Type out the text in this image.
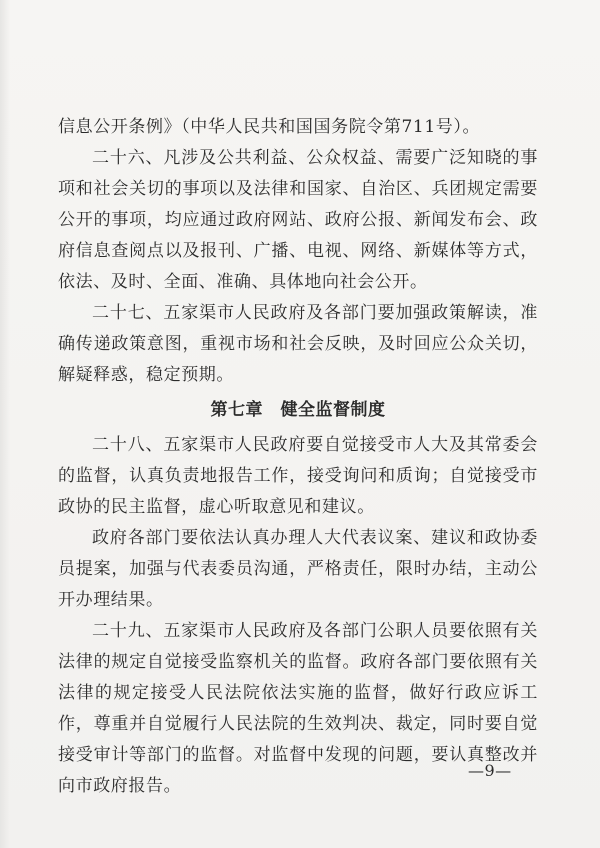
信息公开条例》（中华人民共和国国务院令第711号）。

二十六、凡涉及公共利益、公众权益、需要广泛知晓的事项和社会关切的事项以及法律和国家、自治区、兵团规定需要公开的事项，均应通过政府网站、政府公报、新闻发布会、政府信息查阅点以及报刊、广播、电视、网络、新媒体等方式，依法、及时、全面、准确、具体地向社会公开。

二十七、五家渠市人民政府及各部门要加强政策解读，准确传递政策意图，重视市场和社会反映，及时回应公众关切，解疑释惑，稳定预期。

第七章　健全监督制度

二十八、五家渠市人民政府要自觉接受市人大及其常委会的监督，认真负责地报告工作，接受询问和质询；自觉接受市政协的民主监督，虚心听取意见和建议。

政府各部门要依法认真办理人大代表议案、建议和政协委员提案，加强与代表委员沟通，严格责任，限时办结，主动公开办理结果。

二十九、五家渠市人民政府及各部门公职人员要依照有关法律的规定自觉接受监察机关的监督。政府各部门要依照有关法律的规定接受人民法院依法实施的监督，做好行政应诉工作，尊重并自觉履行人民法院的生效判决、裁定，同时要自觉接受审计等部门的监督。对监督中发现的问题，要认真整改并向市政府报告。

—9—
